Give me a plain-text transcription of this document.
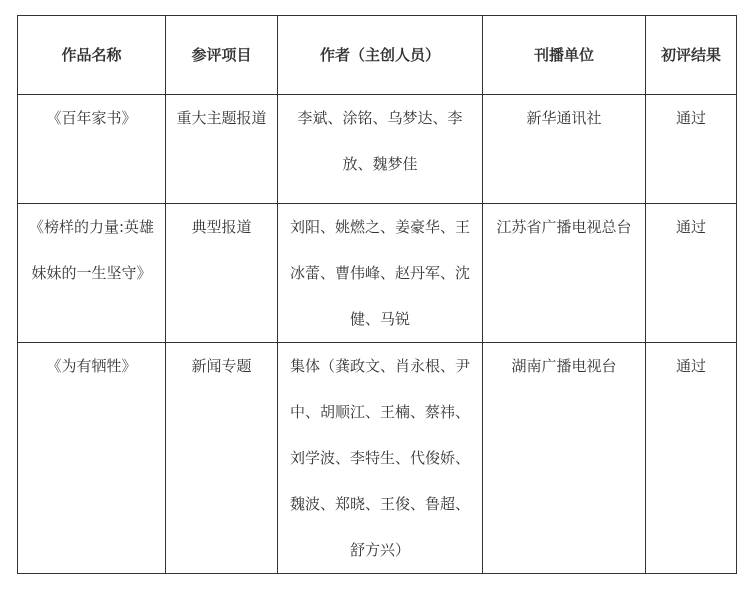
作品名称	参评项目	作者（主创人员）	刊播单位	初评结果
《百年家书》	重大主题报道	李斌、涂铭、乌梦达、李放、魏梦佳	新华通讯社	通过
《榜样的力量:英雄妹妹的一生坚守》	典型报道	刘阳、姚燃之、姜豪华、王冰蕾、曹伟峰、赵丹军、沈健、马锐	江苏省广播电视总台	通过
《为有牺牲》	新闻专题	集体（龚政文、肖永根、尹中、胡顺江、王楠、蔡祎、刘学波、李特生、代俊娇、魏波、郑晓、王俊、鲁超、舒方兴）	湖南广播电视台	通过
